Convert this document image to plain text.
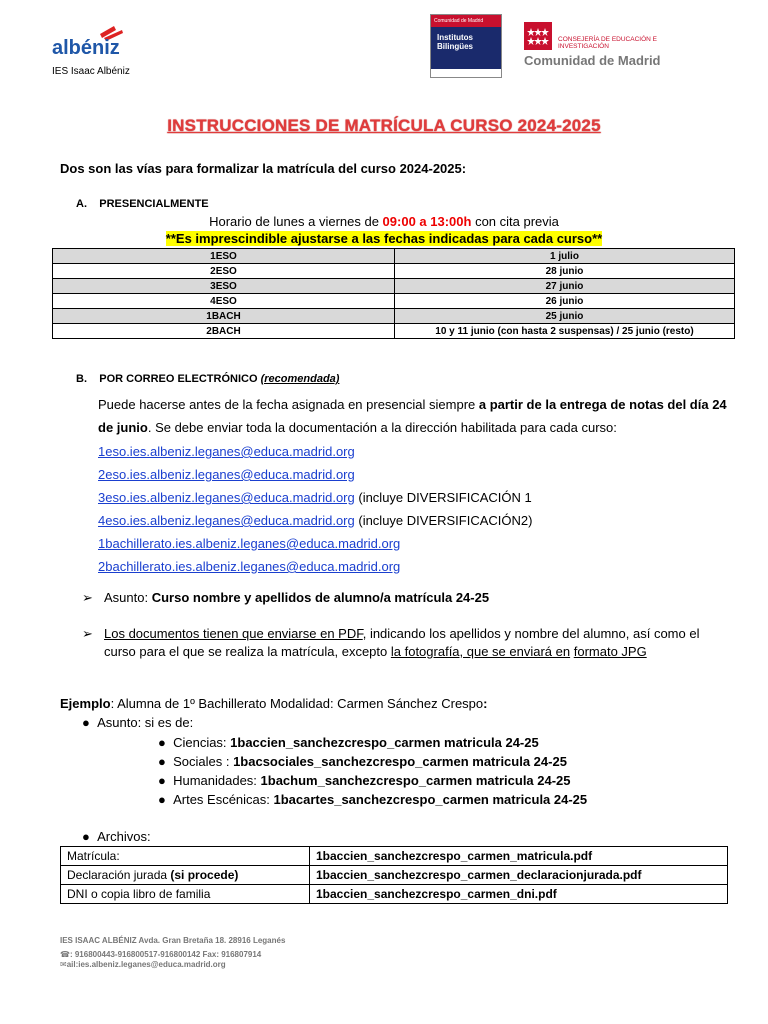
albéniz
IES Isaac Albéniz
Comunidad de Madrid
Institutos Bilingües
CONSEJERÍA DE EDUCACIÓN E INVESTIGACIÓN
Comunidad de Madrid
INSTRUCCIONES DE MATRÍCULA CURSO 2024-2025
Dos son las vías para formalizar la matrícula del curso 2024-2025:
A. PRESENCIALMENTE
Horario de lunes a viernes de 09:00 a 13:00h con cita previa
**Es imprescindible ajustarse a las fechas indicadas para cada curso**
1ESO	1 julio
2ESO	28 junio
3ESO	27 junio
4ESO	26 junio
1BACH	25 junio
2BACH	10 y 11 junio (con hasta 2 suspensas) / 25 junio (resto)
B. POR CORREO ELECTRÓNICO (recomendada)
Puede hacerse antes de la fecha asignada en presencial siempre a partir de la entrega de notas del día 24 de junio. Se debe enviar toda la documentación a la dirección habilitada para cada curso:
1eso.ies.albeniz.leganes@educa.madrid.org
2eso.ies.albeniz.leganes@educa.madrid.org
3eso.ies.albeniz.leganes@educa.madrid.org (incluye DIVERSIFICACIÓN 1
4eso.ies.albeniz.leganes@educa.madrid.org (incluye DIVERSIFICACIÓN2)
1bachillerato.ies.albeniz.leganes@educa.madrid.org
2bachillerato.ies.albeniz.leganes@educa.madrid.org
➢ Asunto: Curso nombre y apellidos de alumno/a matrícula 24-25
➢ Los documentos tienen que enviarse en PDF, indicando los apellidos y nombre del alumno, así como el curso para el que se realiza la matrícula, excepto la fotografía, que se enviará en formato JPG
Ejemplo: Alumna de 1º Bachillerato Modalidad: Carmen Sánchez Crespo:
● Asunto: si es de:
●  Ciencias: 1baccien_sanchezcrespo_carmen matricula 24-25
●  Sociales : 1bacsociales_sanchezcrespo_carmen matricula 24-25
●  Humanidades: 1bachum_sanchezcrespo_carmen matricula 24-25
●  Artes Escénicas: 1bacartes_sanchezcrespo_carmen matricula 24-25
● Archivos:
Matrícula:	1baccien_sanchezcrespo_carmen_matricula.pdf
Declaración jurada (si procede)	1baccien_sanchezcrespo_carmen_declaracionjurada.pdf
DNI o copia libro de familia	1baccien_sanchezcrespo_carmen_dni.pdf
IES ISAAC ALBÉNIZ Avda. Gran Bretaña 18. 28916 Leganés
☎: 916800443-916800517-916800142 Fax: 916807914
✉ail:ies.albeniz.leganes@educa.madrid.org
